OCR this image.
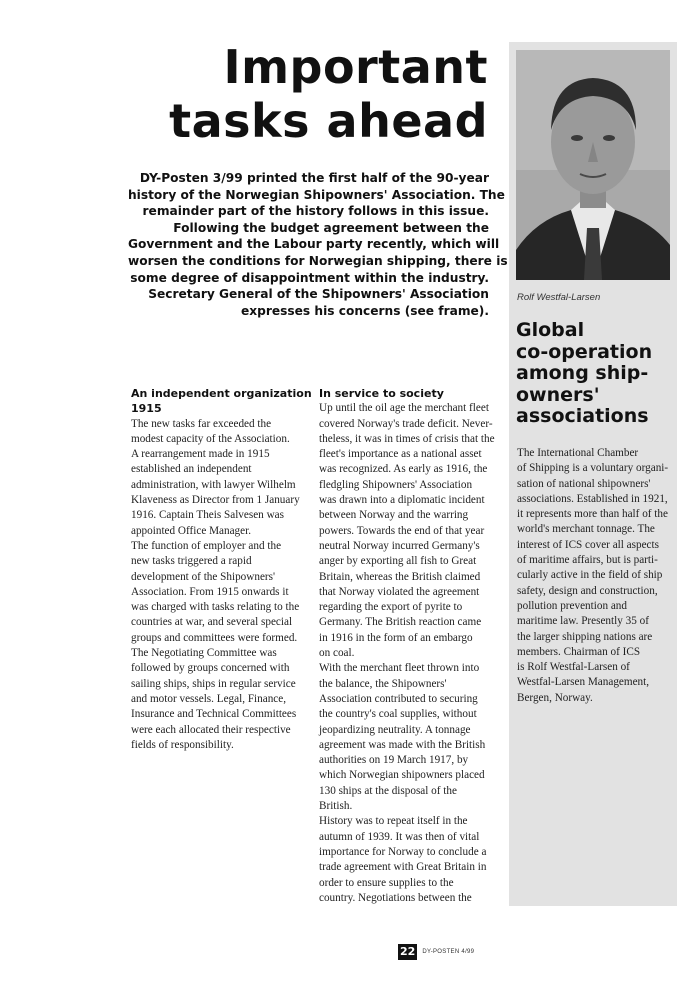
Important
tasks ahead
DY-Posten 3/99 printed the first half of the 90-year
history of the Norwegian Shipowners' Association. The
remainder part of the history follows in this issue.
Following the budget agreement between the
Government and the Labour party recently, which will
worsen the conditions for Norwegian shipping, there is
some degree of disappointment within the industry.
Secretary General of the Shipowners' Association
expresses his concerns (see frame).
An independent organization
1915
The new tasks far exceeded the
modest capacity of the Association.
A rearrangement made in 1915
established an independent
administration, with lawyer Wilhelm
Klaveness as Director from 1 January
1916. Captain Theis Salvesen was
appointed Office Manager.
The function of employer and the
new tasks triggered a rapid
development of the Shipowners'
Association. From 1915 onwards it
was charged with tasks relating to the
countries at war, and several special
groups and committees were formed.
The Negotiating Committee was
followed by groups concerned with
sailing ships, ships in regular service
and motor vessels. Legal, Finance,
Insurance and Technical Committees
were each allocated their respective
fields of responsibility.
In service to society
Up until the oil age the merchant fleet
covered Norway's trade deficit. Never-
theless, it was in times of crisis that the
fleet's importance as a national asset
was recognized. As early as 1916, the
fledgling Shipowners' Association
was drawn into a diplomatic incident
between Norway and the warring
powers. Towards the end of that year
neutral Norway incurred Germany's
anger by exporting all fish to Great
Britain, whereas the British claimed
that Norway violated the agreement
regarding the export of pyrite to
Germany. The British reaction came
in 1916 in the form of an embargo
on coal.
With the merchant fleet thrown into
the balance, the Shipowners'
Association contributed to securing
the country's coal supplies, without
jeopardizing neutrality. A tonnage
agreement was made with the British
authorities on 19 March 1917, by
which Norwegian shipowners placed
130 ships at the disposal of the
British.
History was to repeat itself in the
autumn of 1939. It was then of vital
importance for Norway to conclude a
trade agreement with Great Britain in
order to ensure supplies to the
country. Negotiations between the
Rolf Westfal-Larsen
Global
co-operation
among ship-
owners'
associations
The International Chamber
of Shipping is a voluntary organi-
sation of national shipowners'
associations. Established in 1921,
it represents more than half of the
world's merchant tonnage. The
interest of ICS cover all aspects
of maritime affairs, but is parti-
cularly active in the field of ship
safety, design and construction,
pollution prevention and
maritime law. Presently 35 of
the larger shipping nations are
members. Chairman of ICS
is Rolf Westfal-Larsen of
Westfal-Larsen Management,
Bergen, Norway.
22	DY-POSTEN 4/99
